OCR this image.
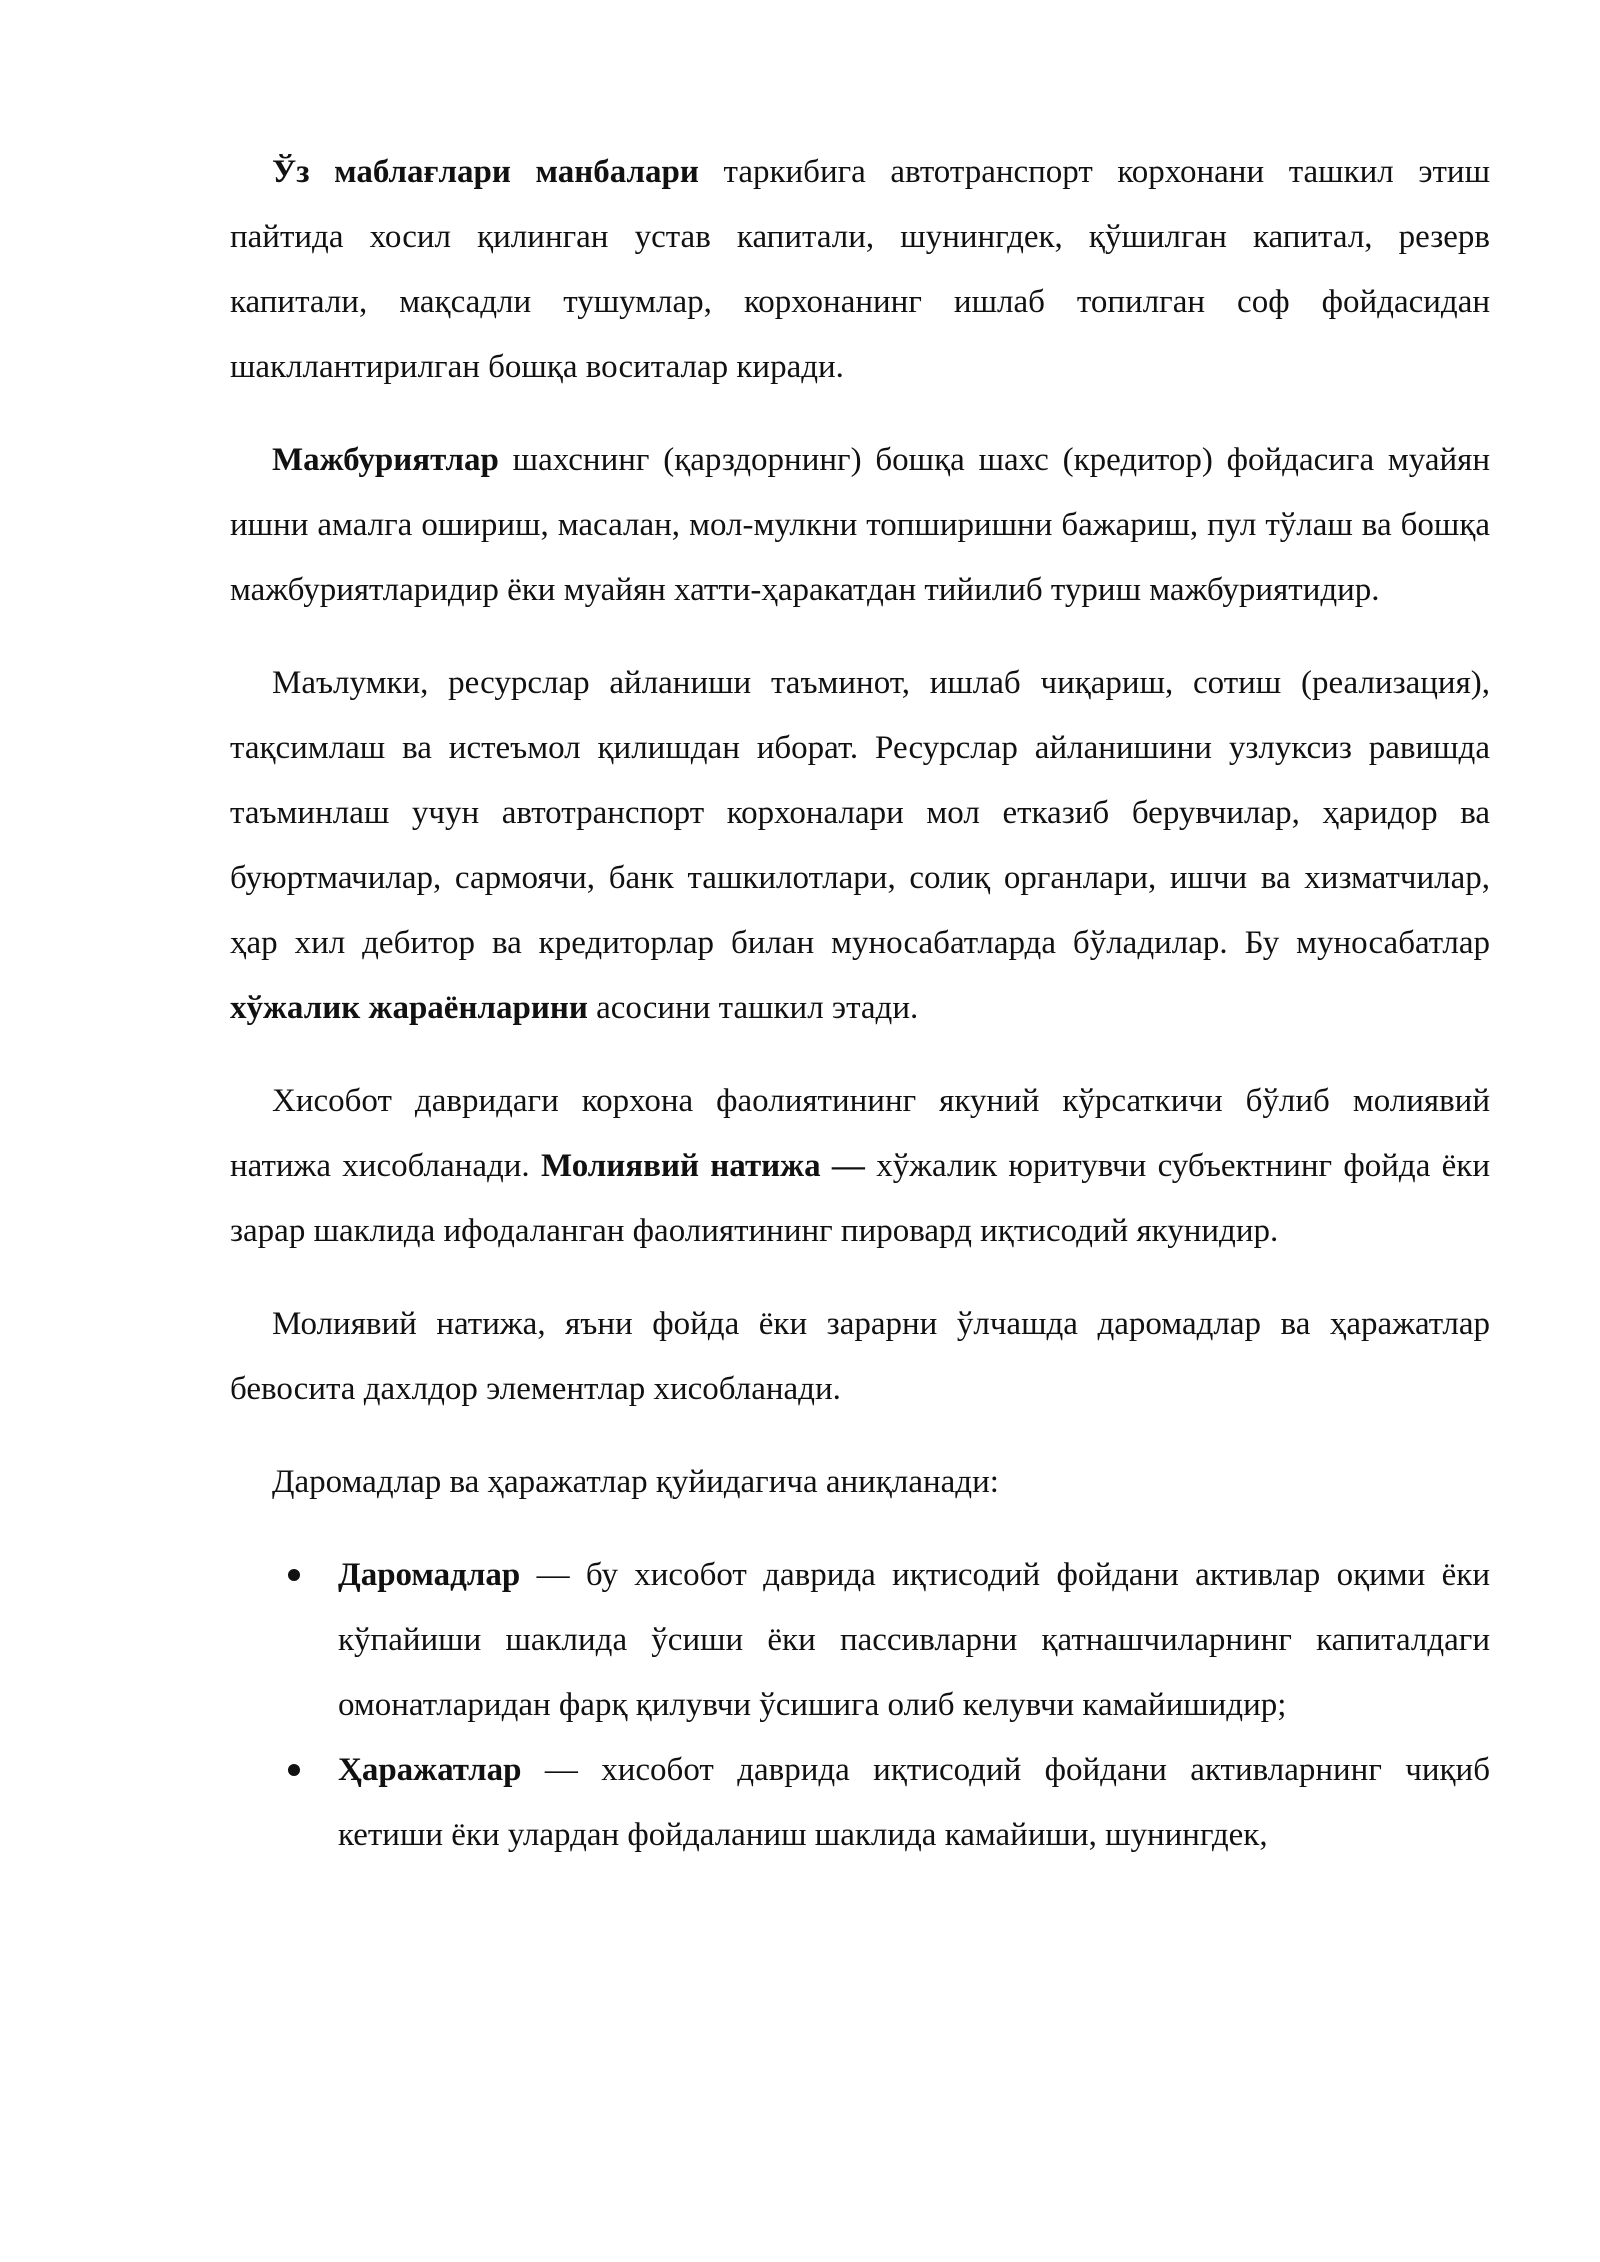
Ўз маблағлари манбалари таркибига автотранспорт корхонани ташкил этиш пайтида хосил қилинган устав капитали, шунингдек, қўшилган капитал, резерв капитали, мақсадли тушумлар, корхонанинг ишлаб топилган соф фойдасидан шакллантирилган бошқа воситалар киради.

Мажбуриятлар шахснинг (қарздорнинг) бошқа шахс (кредитор) фойдасига муайян ишни амалга ошириш, масалан, мол-мулкни топширишни бажариш, пул тўлаш ва бошқа мажбуриятларидир ёки муайян хатти-ҳаракатдан тийилиб туриш мажбуриятидир.

Маълумки, ресурслар айланиши таъминот, ишлаб чиқариш, сотиш (реализация), тақсимлаш ва истеъмол қилишдан иборат. Ресурслар айланишини узлуксиз равишда таъминлаш учун автотранспорт корхоналари мол етказиб берувчилар, ҳаридор ва буюртмачилар, сармоячи, банк ташкилотлари, солиқ органлари, ишчи ва хизматчилар, ҳар хил дебитор ва кредиторлар билан муносабатларда бўладилар. Бу муносабатлар хўжалик жараёнларини асосини ташкил этади.

Хисобот давридаги корхона фаолиятининг якуний кўрсаткичи бўлиб молиявий натижа хисобланади. Молиявий натижа — хўжалик юритувчи субъектнинг фойда ёки зарар шаклида ифодаланган фаолиятининг пировард иқтисодий якунидир.

Молиявий натижа, яъни фойда ёки зарарни ўлчашда даромадлар ва ҳаражатлар бевосита дахлдор элементлар хисобланади.

Даромадлар ва ҳаражатлар қуйидагича аниқланади:

Даромадлар — бу хисобот даврида иқтисодий фойдани активлар оқими ёки кўпайиши шаклида ўсиши ёки пассивларни қатнашчиларнинг капиталдаги омонатларидан фарқ қилувчи ўсишига олиб келувчи камайишидир;
Ҳаражатлар — хисобот даврида иқтисодий фойдани активларнинг чиқиб кетиши ёки улардан фойдаланиш шаклида камайиши, шунингдек,
